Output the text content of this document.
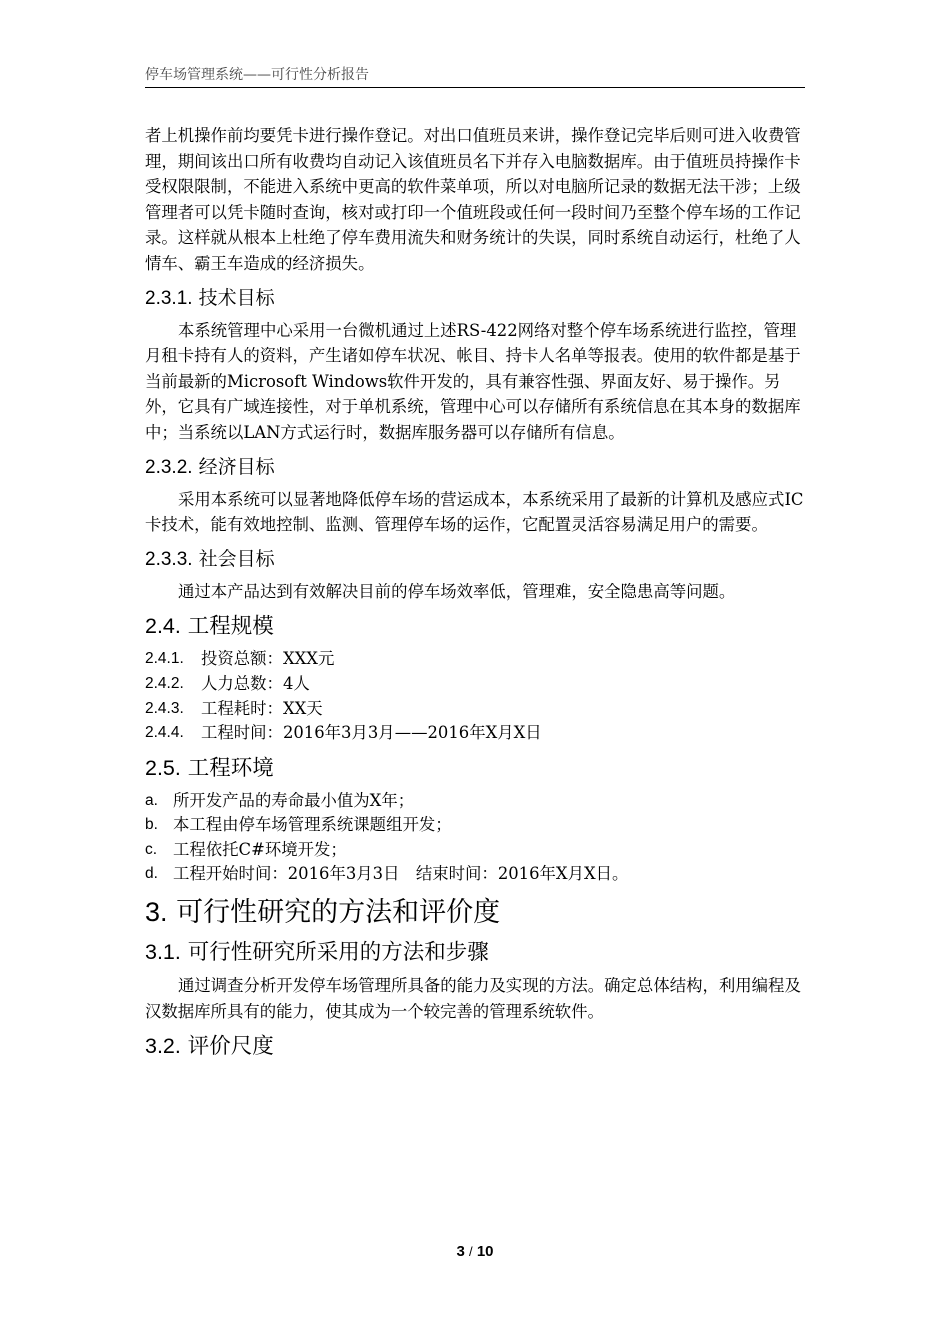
停车场管理系统——可行性分析报告

者上机操作前均要凭卡进行操作登记。对出口值班员来讲，操作登记完毕后则可进入收费管理，期间该出口所有收费均自动记入该值班员名下并存入电脑数据库。由于值班员持操作卡受权限限制，不能进入系统中更高的软件菜单项，所以对电脑所记录的数据无法干涉；上级管理者可以凭卡随时查询，核对或打印一个值班段或任何一段时间乃至整个停车场的工作记录。这样就从根本上杜绝了停车费用流失和财务统计的失误，同时系统自动运行，杜绝了人情车、霸王车造成的经济损失。

2.3.1. 技术目标

本系统管理中心采用一台微机通过上述RS-422网络对整个停车场系统进行监控，管理月租卡持有人的资料，产生诸如停车状况、帐目、持卡人名单等报表。使用的软件都是基于当前最新的Microsoft Windows软件开发的，具有兼容性强、界面友好、易于操作。另外，它具有广域连接性，对于单机系统，管理中心可以存储所有系统信息在其本身的数据库中；当系统以LAN方式运行时，数据库服务器可以存储所有信息。

2.3.2. 经济目标

采用本系统可以显著地降低停车场的营运成本，本系统采用了最新的计算机及感应式IC卡技术，能有效地控制、监测、管理停车场的运作，它配置灵活容易满足用户的需要。

2.3.3. 社会目标

通过本产品达到有效解决目前的停车场效率低，管理难，安全隐患高等问题。

2.4. 工程规模
2.4.1.	投资总额：XXX元
2.4.2.	人力总数：4人
2.4.3.	工程耗时：XX天
2.4.4.	工程时间：2016年3月3月——2016年X月X日
2.5. 工程环境
a. 所开发产品的寿命最小值为X年；
b. 本工程由停车场管理系统课题组开发；
c. 工程依托C#环境开发；
d. 工程开始时间：2016年3月3日　结束时间：2016年X月X日。
3. 可行性研究的方法和评价度
3.1. 可行性研究所采用的方法和步骤

通过调查分析开发停车场管理所具备的能力及实现的方法。确定总体结构，利用编程及汉数据库所具有的能力，使其成为一个较完善的管理系统软件。

3.2. 评价尺度
3 / 10
